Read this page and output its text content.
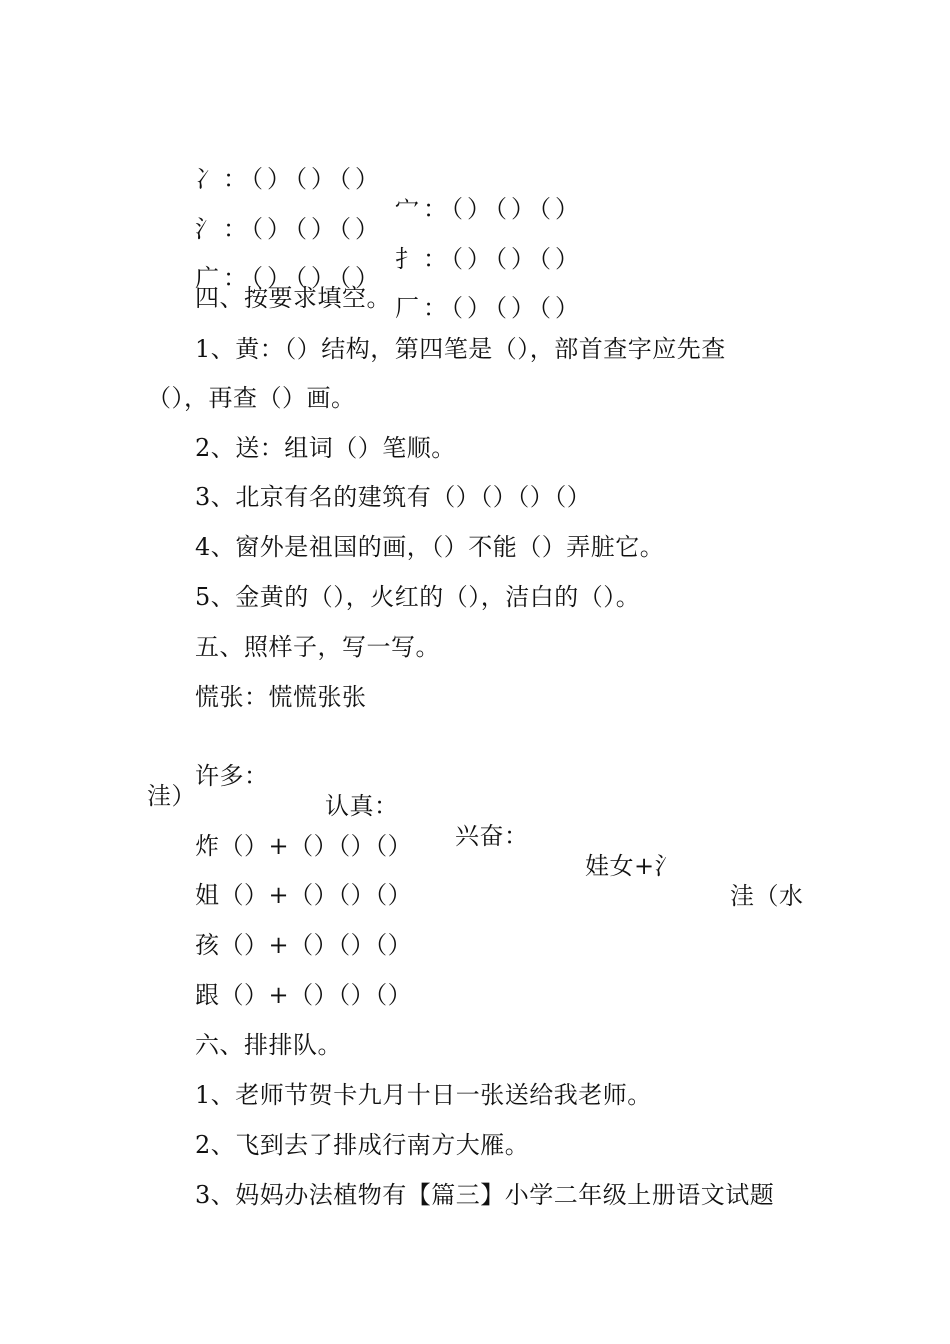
冫：（）（）（）

宀：（）（）（）

氵：（）（）（）

扌：（）（）（）

广：（）（）（）

厂：（）（）（）

四、按要求填空。
1、黄：（）结构，第四笔是（），部首查字应先查
（），再查（）画。
2、送：组词（）笔顺。
3、北京有名的建筑有（）（）（）（）
4、窗外是祖国的画，（）不能（）弄脏它。
5、金黄的（），火红的（），洁白的（）。
五、照样子，写一写。
慌张：慌慌张张

许多：

认真：

兴奋：

娃女+氵

洼（水

洼）
炸（）+（）（）（）
姐（）+（）（）（）
孩（）+（）（）（）
跟（）+（）（）（）
六、排排队。
1、老师节贺卡九月十日一张送给我老师。
2、飞到去了排成行南方大雁。
3、妈妈办法植物有【篇三】小学二年级上册语文试题
